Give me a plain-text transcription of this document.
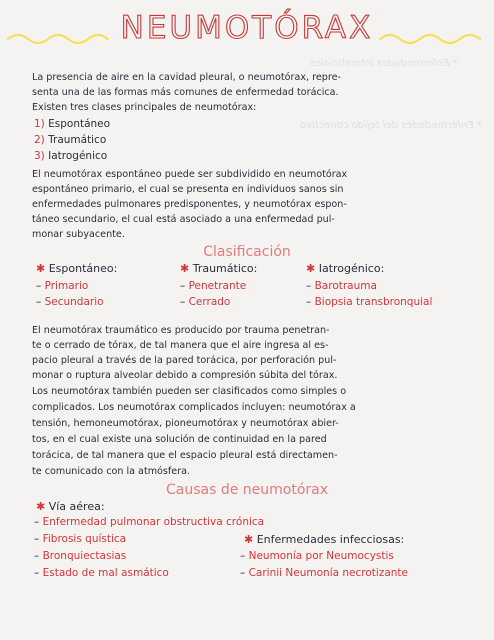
* Enfermedades intersticiales
* Enfermedades del tejido conectivo
NEUMOTÓRAX

La presencia de aire en la cavidad pleural, o neumotórax, repre-

senta una de las formas más comunes de enfermedad torácica.

Existen tres clases principales de neumotórax:

1) Espontáneo
2) Traumático
3) Iatrogénico

El neumotórax espontáneo puede ser subdividido en neumotórax

espontáneo primario, el cual se presenta en individuos sanos sin

enfermedades pulmonares predisponentes, y neumotórax espon-

táneo secundario, el cual está asociado a una enfermedad pul-

monar subyacente.

Clasificación
✱ Espontáneo:	✱ Traumático:	✱ Iatrogénico:
– Primario
– Secundario
– Penetrante
– Cerrado
– Barotrauma
– Biopsia transbronquial

El neumotórax traumático es producido por trauma penetran-

te o cerrado de tórax, de tal manera que el aire ingresa al es-

pacio pleural a través de la pared torácica, por perforación pul-

monar o ruptura alveolar debido a compresión súbita del tórax.

Los neumotórax también pueden ser clasificados como simples o

complicados. Los neumotórax complicados incluyen: neumotórax a

tensión, hemoneumotórax, pioneumotórax y neumotórax abier-

tos, en el cual existe una solución de continuidad en la pared

torácica, de tal manera que el espacio pleural está directamen-

te comunicado con la atmósfera.

Causas de neumotórax
✱ Vía aérea:
– Enfermedad pulmonar obstructiva crónica
– Fibrosis quística
– Bronquiectasias
– Estado de mal asmático
✱ Enfermedades infecciosas:
– Neumonía por Neumocystis
– Carinii Neumonía necrotizante
